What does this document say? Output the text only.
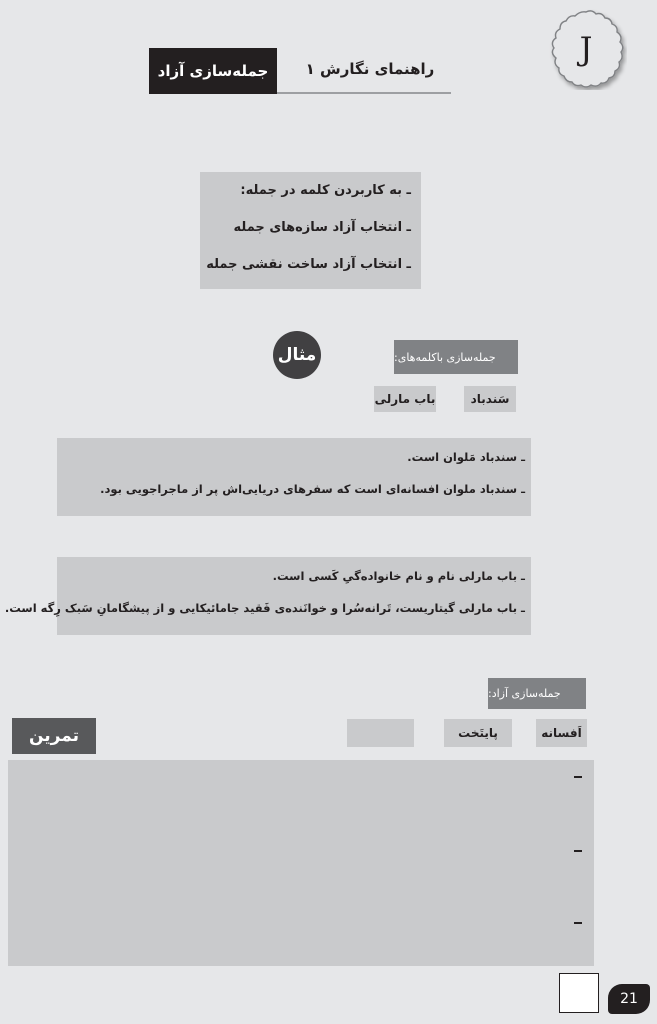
جمله‌سازی آزاد	راهنمای نگارش ۱
J
ـ به کاربردن کلمه در جمله:
ـ انتخاب آزاد سازه‌های جمله
ـ انتخاب آزاد ساخت نقشی جمله
مثال	جمله‌سازی باکلمه‌های:
سَندباد
باب مارلی
ـ سندباد مَلوان است.
ـ سندباد ملوان افسانه‌ای است که سفرهای دریایی‌اش پر از ماجراجویی بود.
ـ باب مارلی نام و نام خانواده‌گیِ کَسی است.
ـ باب مارلی گیتاریست، تَرانه‌سُرا و خوانَنده‌ی فَقید جامائیکایی و از پیشگامانِ سَبک رِگه است.
جمله‌سازی آزاد:
تمرین	اَفسانه
پایتَخت
21
